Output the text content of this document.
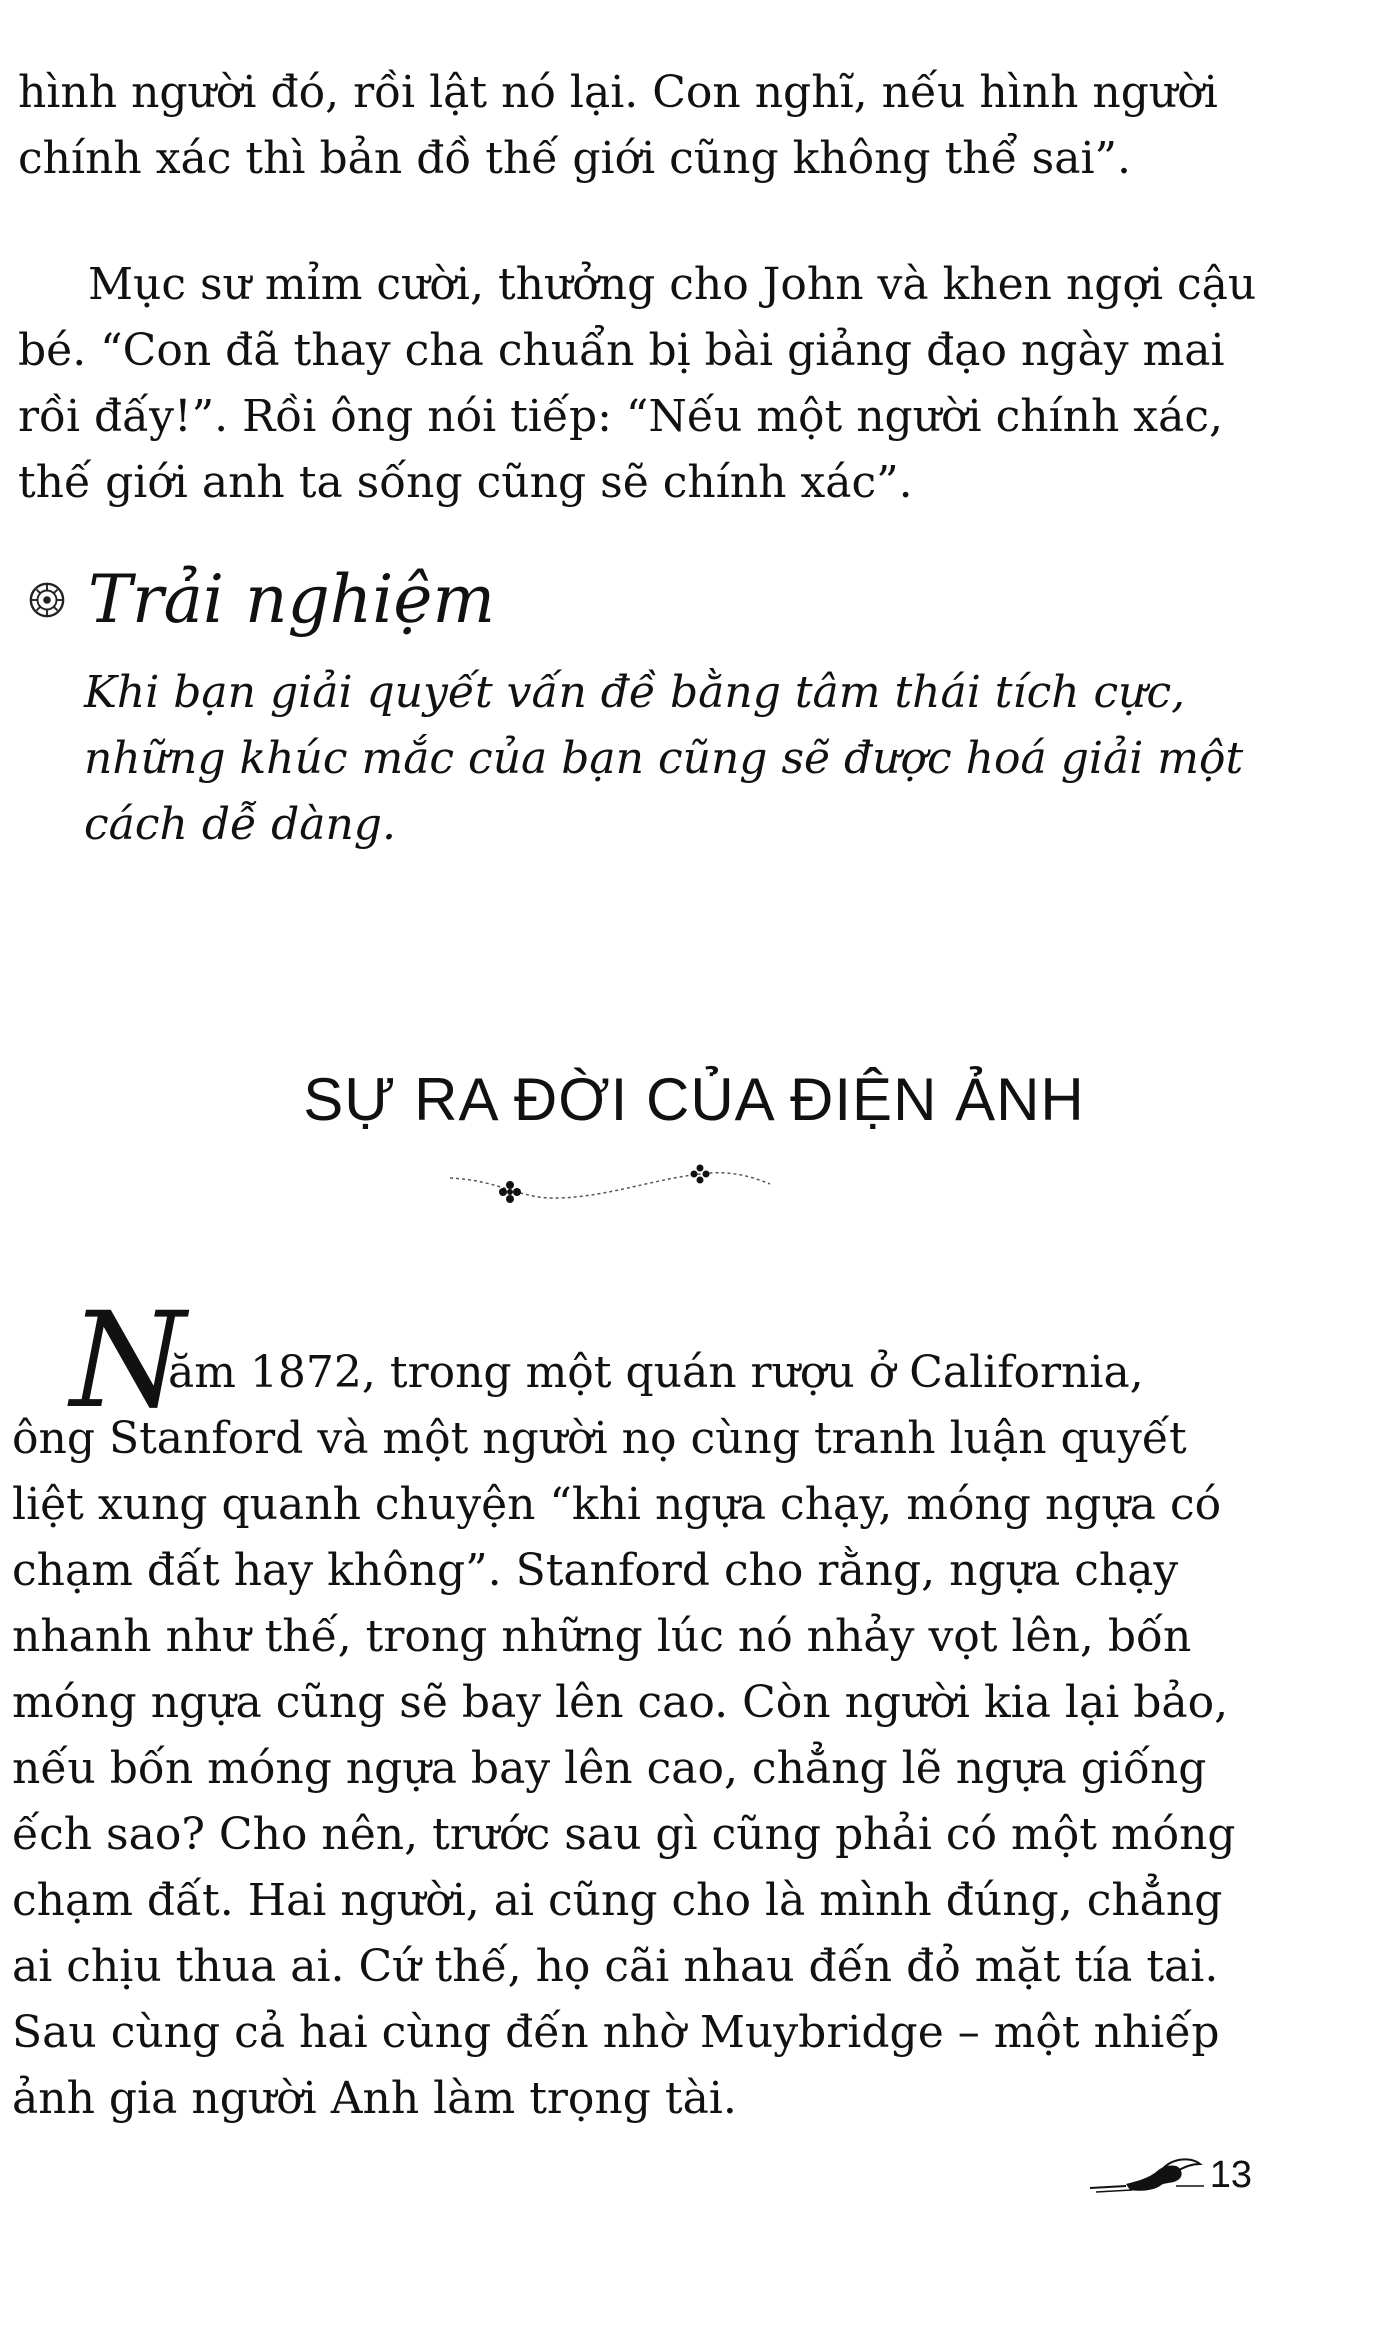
hình người đó, rồi lật nó lại. Con nghĩ, nếu hình người
chính xác thì bản đồ thế giới cũng không thể sai”.
Mục sư mỉm cười, thưởng cho John và khen ngợi cậu
bé. “Con đã thay cha chuẩn bị bài giảng đạo ngày mai
rồi đấy!”. Rồi ông nói tiếp: “Nếu một người chính xác,
thế giới anh ta sống cũng sẽ chính xác”.
Trải nghiệm
Khi bạn giải quyết vấn đề bằng tâm thái tích cực,
những khúc mắc của bạn cũng sẽ được hoá giải một
cách dễ dàng.
SỰ RA ĐỜI CỦA ĐIỆN ẢNH
N
ăm 1872, trong một quán rượu ở California,
ông Stanford và một người nọ cùng tranh luận quyết
liệt xung quanh chuyện “khi ngựa chạy, móng ngựa có
chạm đất hay không”. Stanford cho rằng, ngựa chạy
nhanh như thế, trong những lúc nó nhảy vọt lên, bốn
móng ngựa cũng sẽ bay lên cao. Còn người kia lại bảo,
nếu bốn móng ngựa bay lên cao, chẳng lẽ ngựa giống
ếch sao? Cho nên, trước sau gì cũng phải có một móng
chạm đất. Hai người, ai cũng cho là mình đúng, chẳng
ai chịu thua ai. Cứ thế, họ cãi nhau đến đỏ mặt tía tai.
Sau cùng cả hai cùng đến nhờ Muybridge – một nhiếp
ảnh gia người Anh làm trọng tài.
13
